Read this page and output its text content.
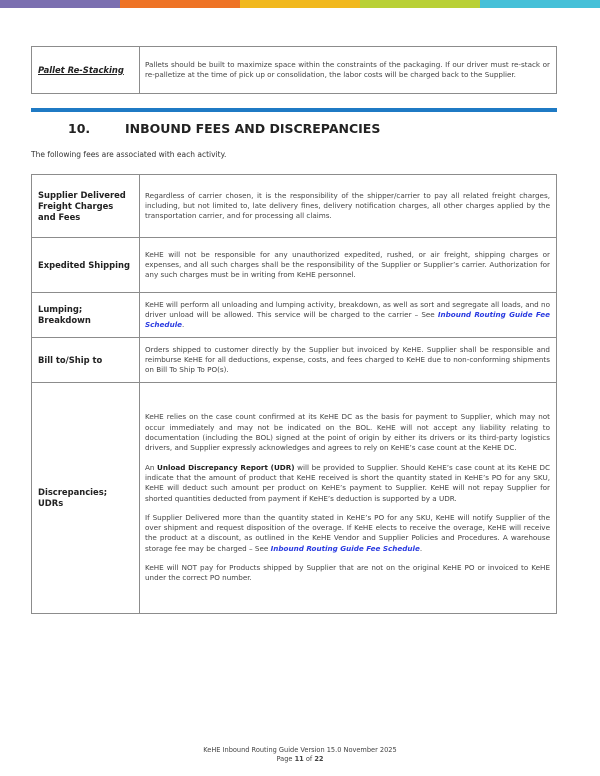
Pallet Re-Stacking	Pallets should be built to maximize space within the constraints of the packaging. If our driver must re-stack or re-palletize at the time of pick up or consolidation, the labor costs will be charged back to the Supplier.
10.	INBOUND FEES AND DISCREPANCIES
The following fees are associated with each activity.
Supplier Delivered Freight Charges and Fees	Regardless of carrier chosen, it is the responsibility of the shipper/carrier to pay all related freight charges, including, but not limited to, late delivery fines, delivery notification charges, all other charges applied by the transportation carrier, and for processing all claims.
Expedited Shipping	KeHE will not be responsible for any unauthorized expedited, rushed, or air freight, shipping charges or expenses, and all such charges shall be the responsibility of the Supplier or Supplier’s carrier. Authorization for any such charges must be in writing from KeHE personnel.
Lumping; Breakdown	KeHE will perform all unloading and lumping activity, breakdown, as well as sort and segregate all loads, and no driver unload will be allowed. This service will be charged to the carrier – See Inbound Routing Guide Fee Schedule.
Bill to/Ship to	Orders shipped to customer directly by the Supplier but invoiced by KeHE. Supplier shall be responsible and reimburse KeHE for all deductions, expense, costs, and fees charged to KeHE due to non-conforming shipments on Bill To Ship To PO(s).
Discrepancies; UDRs	KeHE relies on the case count confirmed at its KeHE DC as the basis for payment to Supplier, which may not occur immediately and may not be indicated on the BOL. KeHE will not accept any liability relating to documentation (including the BOL) signed at the point of origin by either its drivers or its third-party logistics drivers, and Supplier expressly acknowledges and agrees to rely on KeHE’s case count at the KeHE DC.

An Unload Discrepancy Report (UDR) will be provided to Supplier. Should KeHE’s case count at its KeHE DC indicate that the amount of product that KeHE received is short the quantity stated in KeHE’s PO for any SKU, KeHE will deduct such amount per product on KeHE’s payment to Supplier. KeHE will not repay Supplier for shorted quantities deducted from payment if KeHE’s deduction is supported by a UDR.

If Supplier Delivered more than the quantity stated in KeHE’s PO for any SKU, KeHE will notify Supplier of the over shipment and request disposition of the overage. If KeHE elects to receive the overage, KeHE will receive the product at a discount, as outlined in the KeHE Vendor and Supplier Policies and Procedures. A warehouse storage fee may be charged – See Inbound Routing Guide Fee Schedule.

KeHE will NOT pay for Products shipped by Supplier that are not on the original KeHE PO or invoiced to KeHE under the correct PO number.

KeHE Inbound Routing Guide Version 15.0 November 2025
Page 11 of 22
